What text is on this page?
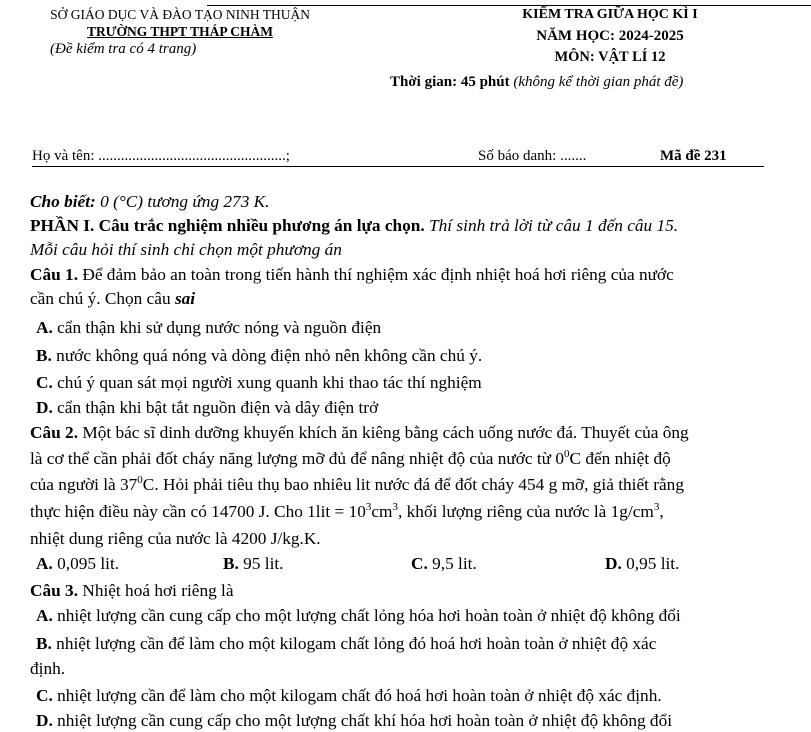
SỞ GIÁO DỤC VÀ ĐÀO TẠO NINH THUẬN
TRƯỜNG THPT THÁP CHÀM
(Đề kiểm tra có 4 trang)
KIỂM TRA GIỮA HỌC KÌ I
NĂM HỌC: 2024-2025
MÔN: VẬT LÍ 12
Thời gian: 45 phút (không kể thời gian phát đề)
Họ và tên: ..................................................;	Số báo danh: .......	Mã đề 231
Cho biết: 0 (°C) tương ứng 273 K.
PHẦN I. Câu trắc nghiệm nhiều phương án lựa chọn. Thí sinh trả lời từ câu 1 đến câu 15.
Mỗi câu hỏi thí sinh chỉ chọn một phương án
Câu 1. Để đảm bảo an toàn trong tiến hành thí nghiệm xác định nhiệt hoá hơi riêng của nước
cần chú ý. Chọn câu sai
A. cẩn thận khi sử dụng nước nóng và nguồn điện
B. nước không quá nóng và dòng điện nhỏ nên không cần chú ý.
C. chú ý quan sát mọi người xung quanh khi thao tác thí nghiệm
D. cẩn thận khi bật tắt nguồn điện và dây điện trở
Câu 2. Một bác sĩ dinh dưỡng khuyến khích ăn kiêng bằng cách uống nước đá. Thuyết của ông
là cơ thể cần phải đốt cháy năng lượng mỡ đủ để nâng nhiệt độ của nước từ $0^0C$ đến nhiệt độ
của người là $37^0C$. Hỏi phải tiêu thụ bao nhiêu lit nước đá để đốt cháy 454 g mỡ, giả thiết rằng
thực hiện điều này cần có 14700 J. Cho $1lit = 10^3cm^3$, khối lượng riêng của nước là $1g/cm^3$,
nhiệt dung riêng của nước là 4200 J/kg.K.
A. 0,095 lit.	B. 95 lit.	C. 9,5 lit.	D. 0,95 lit.
Câu 3. Nhiệt hoá hơi riêng là
A. nhiệt lượng cần cung cấp cho một lượng chất lỏng hóa hơi hoàn toàn ở nhiệt độ không đổi
B. nhiệt lượng cần để làm cho một kilogam chất lỏng đó hoá hơi hoàn toàn ở nhiệt độ xác
định.
C. nhiệt lượng cần để làm cho một kilogam chất đó hoá hơi hoàn toàn ở nhiệt độ xác định.
D. nhiệt lượng cần cung cấp cho một lượng chất khí hóa hơi hoàn toàn ở nhiệt độ không đổi
